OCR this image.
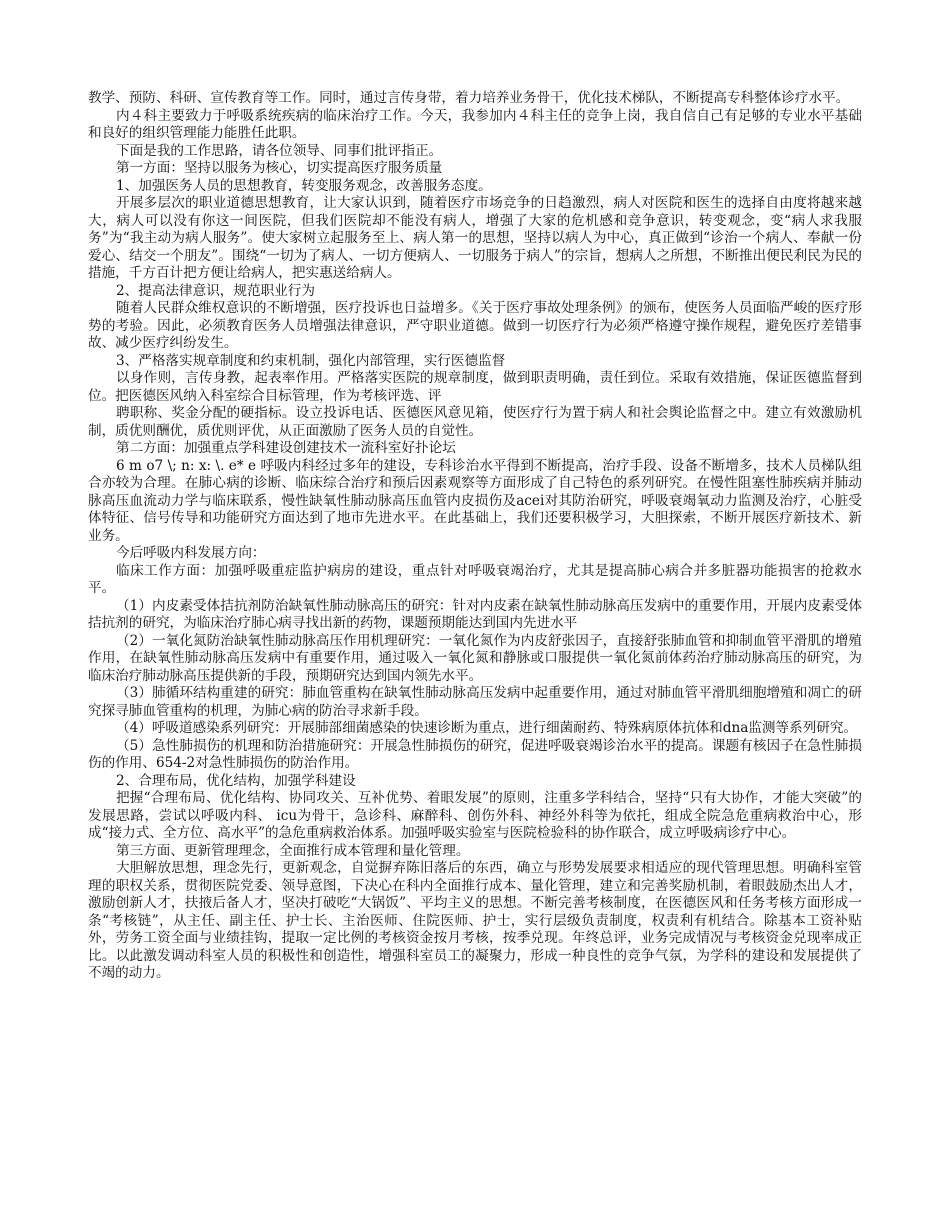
教学、预防、科研、宣传教育等工作。同时，通过言传身带，着力培养业务骨干，优化技术梯队，不断提高专科整体诊疗水平。

内４科主要致力于呼吸系统疾病的临床治疗工作。今天，我参加内４科主任的竞争上岗，我自信自己有足够的专业水平基础和良好的组织管理能力能胜任此职。

下面是我的工作思路，请各位领导、同事们批评指正。

第一方面：坚持以服务为核心，切实提高医疗服务质量

1、加强医务人员的思想教育，转变服务观念，改善服务态度。

开展多层次的职业道德思想教育，让大家认识到，随着医疗市场竞争的日趋激烈，病人对医院和医生的选择自由度将越来越大，病人可以没有你这一间医院，但我们医院却不能没有病人，增强了大家的危机感和竞争意识，转变观念，变“病人求我服务”为“我主动为病人服务”。使大家树立起服务至上、病人第一的思想，坚持以病人为中心，真正做到“诊治一个病人、奉献一份爱心、结交一个朋友”。围绕“一切为了病人、一切方便病人、一切服务于病人”的宗旨，想病人之所想，不断推出便民利民为民的措施，千方百计把方便让给病人，把实惠送给病人。

2、提高法律意识，规范职业行为

随着人民群众维权意识的不断增强，医疗投诉也日益增多。《关于医疗事故处理条例》的颁布，使医务人员面临严峻的医疗形势的考验。因此，必须教育医务人员增强法律意识，严守职业道德。做到一切医疗行为必须严格遵守操作规程，避免医疗差错事故、减少医疗纠纷发生。

3、严格落实规章制度和约束机制，强化内部管理，实行医德监督

以身作则，言传身教，起表率作用。严格落实医院的规章制度，做到职责明确，责任到位。采取有效措施，保证医德监督到位。把医德医风纳入科室综合目标管理，作为考核评选、评

聘职称、奖金分配的硬指标。设立投诉电话、医德医风意见箱，使医疗行为置于病人和社会舆论监督之中。建立有效激励机制，质优则酬优，质优则评优，从正面激励了医务人员的自觉性。

第二方面：加强重点学科建设创建技术一流科室好扑论坛

6 m o7 \; n: x: \. e* e 呼吸内科经过多年的建设，专科诊治水平得到不断提高，治疗手段、设备不断增多，技术人员梯队组合亦较为合理。在肺心病的诊断、临床综合治疗和预后因素观察等方面形成了自己特色的系列研究。在慢性阻塞性肺疾病并肺动脉高压血流动力学与临床联系，慢性缺氧性肺动脉高压血管内皮损伤及acei对其防治研究，呼吸衰竭氧动力监测及治疗，心脏受体特征、信号传导和功能研究方面达到了地市先进水平。在此基础上，我们还要积极学习，大胆探索，不断开展医疗新技术、新业务。

今后呼吸内科发展方向：

临床工作方面：加强呼吸重症监护病房的建设，重点针对呼吸衰竭治疗，尤其是提高肺心病合并多脏器功能损害的抢救水平。

（1）内皮素受体拮抗剂防治缺氧性肺动脉高压的研究：针对内皮素在缺氧性肺动脉高压发病中的重要作用，开展内皮素受体拮抗剂的研究，为临床治疗肺心病寻找出新的药物，课题预期能达到国内先进水平

（2）一氧化氮防治缺氧性肺动脉高压作用机理研究：一氧化氮作为内皮舒张因子，直接舒张肺血管和抑制血管平滑肌的增殖作用，在缺氧性肺动脉高压发病中有重要作用，通过吸入一氧化氮和静脉或口服提供一氧化氮前体药治疗肺动脉高压的研究，为临床治疗肺动脉高压提供新的手段，预期研究达到国内领先水平。

（3）肺循环结构重建的研究：肺血管重构在缺氧性肺动脉高压发病中起重要作用，通过对肺血管平滑肌细胞增殖和凋亡的研究探寻肺血管重构的机理，为肺心病的防治寻求新手段。

（4）呼吸道感染系列研究：开展肺部细菌感染的快速诊断为重点，进行细菌耐药、特殊病原体抗体和dna监测等系列研究。

（5）急性肺损伤的机理和防治措施研究：开展急性肺损伤的研究，促进呼吸衰竭诊治水平的提高。课题有核因子在急性肺损伤的作用、654-2对急性肺损伤的防治作用。

2、合理布局，优化结构，加强学科建设

把握“合理布局、优化结构、协同攻关、互补优势、着眼发展”的原则，注重多学科结合，坚持“只有大协作，才能大突破”的发展思路，尝试以呼吸内科、 icu为骨干，急诊科、麻醉科、创伤外科、神经外科等为依托，组成全院急危重病救治中心，形成“接力式、全方位、高水平”的急危重病救治体系。加强呼吸实验室与医院检验科的协作联合，成立呼吸病诊疗中心。

第三方面、更新管理理念，全面推行成本管理和量化管理。

大胆解放思想，理念先行，更新观念，自觉摒弃陈旧落后的东西，确立与形势发展要求相适应的现代管理思想。明确科室管理的职权关系，贯彻医院党委、领导意图，下决心在科内全面推行成本、量化管理，建立和完善奖励机制，着眼鼓励杰出人才，激励创新人才，扶掖后备人才，坚决打破吃“大锅饭”、平均主义的思想。不断完善考核制度，在医德医风和任务考核方面形成一条“考核链”，从主任、副主任、护士长、主治医师、住院医师、护士，实行层级负责制度，权责利有机结合。除基本工资补贴外，劳务工资全面与业绩挂钩，提取一定比例的考核资金按月考核，按季兑现。年终总评，业务完成情况与考核资金兑现率成正比。以此激发调动科室人员的积极性和创造性，增强科室员工的凝聚力，形成一种良性的竞争气氛，为学科的建设和发展提供了不竭的动力。
